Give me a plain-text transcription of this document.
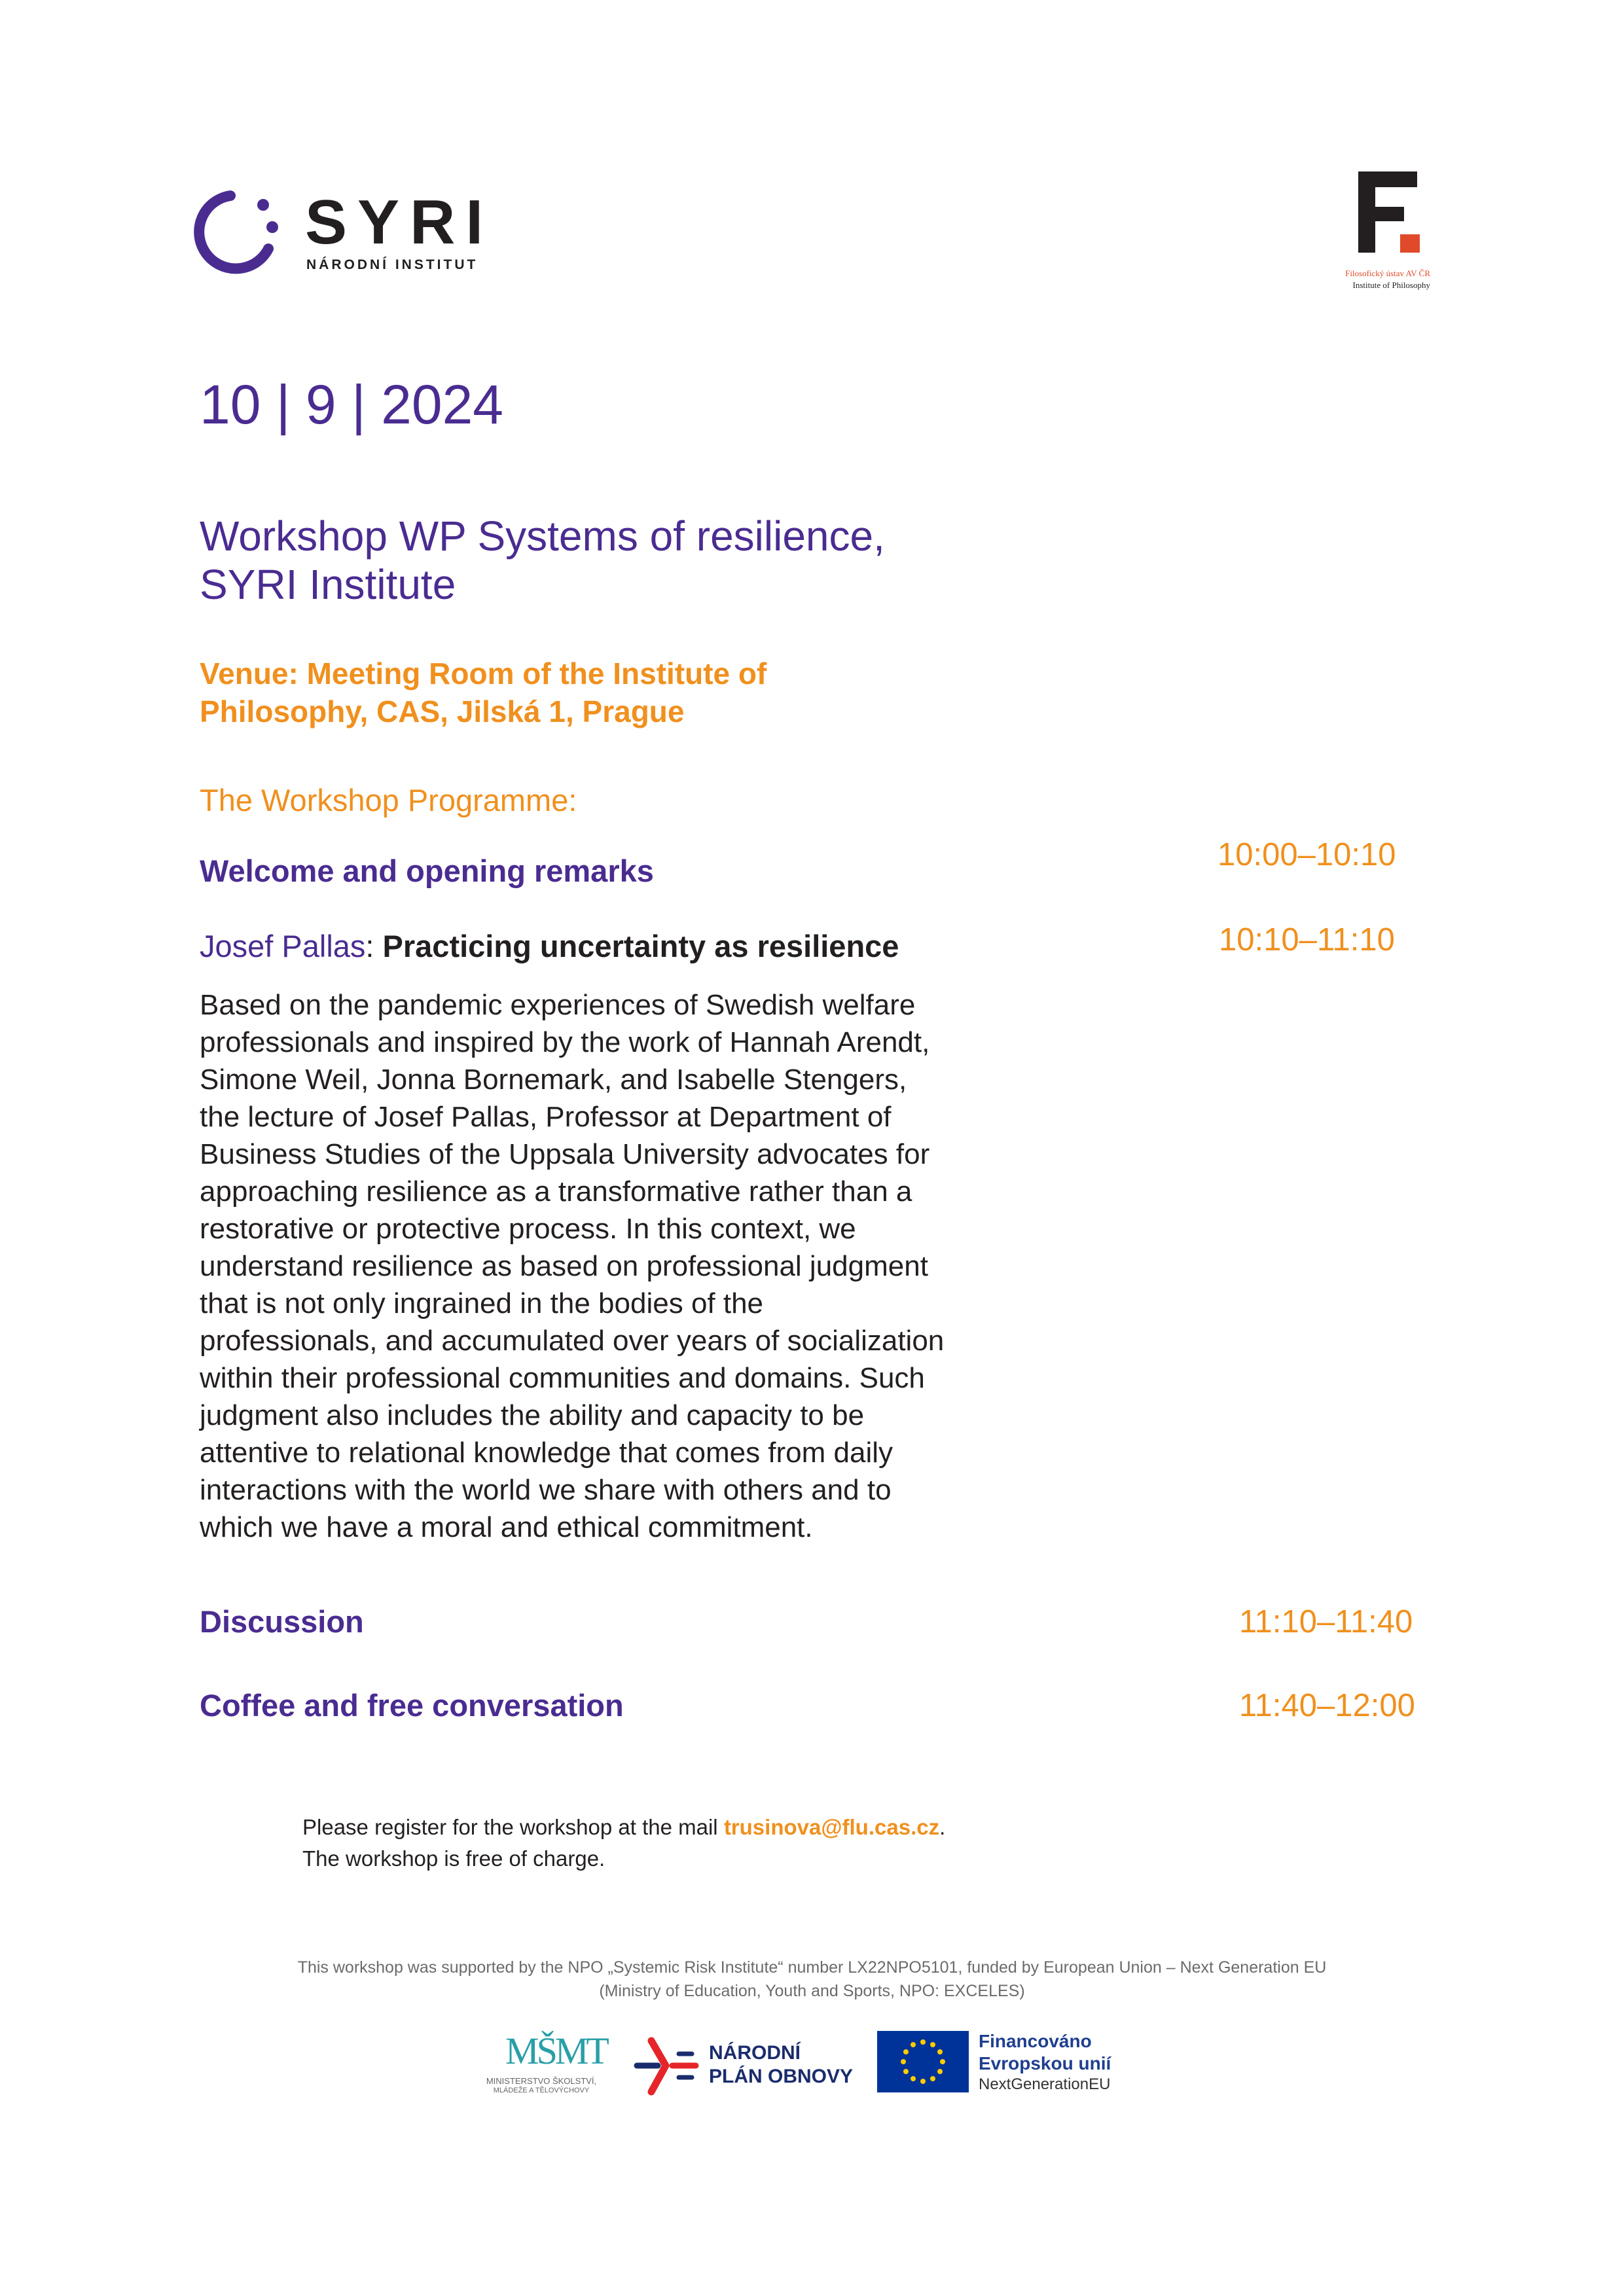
SYRI
NÁRODNÍ INSTITUT
Filosofický ústav AV ČR
Institute of Philosophy
10 | 9 | 2024
Workshop WP Systems of resilience,
SYRI Institute
Venue: Meeting Room of the Institute of
Philosophy, CAS, Jilská 1, Prague
The Workshop Programme:
Welcome and opening remarks	10:00–10:10
Josef Pallas: Practicing uncertainty as resilience	10:10–11:10
Based on the pandemic experiences of Swedish welfare
professionals and inspired by the work of Hannah Arendt,
Simone Weil, Jonna Bornemark, and Isabelle Stengers,
the lecture of Josef Pallas, Professor at Department of
Business Studies of the Uppsala University advocates for
approaching resilience as a transformative rather than a
restorative or protective process. In this context, we
understand resilience as based on professional judgment
that is not only ingrained in the bodies of the
professionals, and accumulated over years of socialization
within their professional communities and domains. Such
judgment also includes the ability and capacity to be
attentive to relational knowledge that comes from daily
interactions with the world we share with others and to
which we have a moral and ethical commitment.
Discussion	11:10–11:40
Coffee and free conversation	11:40–12:00
Please register for the workshop at the mail trusinova@flu.cas.cz.
The workshop is free of charge.
This workshop was supported by the NPO „Systemic Risk Institute“ number LX22NPO5101, funded by European Union – Next Generation EU
(Ministry of Education, Youth and Sports, NPO: EXCELES)
MŠMT
MINISTERSTVO ŠKOLSTVÍ,
MLÁDEŽE A TĚLOVÝCHOVY
NÁRODNÍ
PLÁN OBNOVY
Financováno
Evropskou unií
NextGenerationEU
